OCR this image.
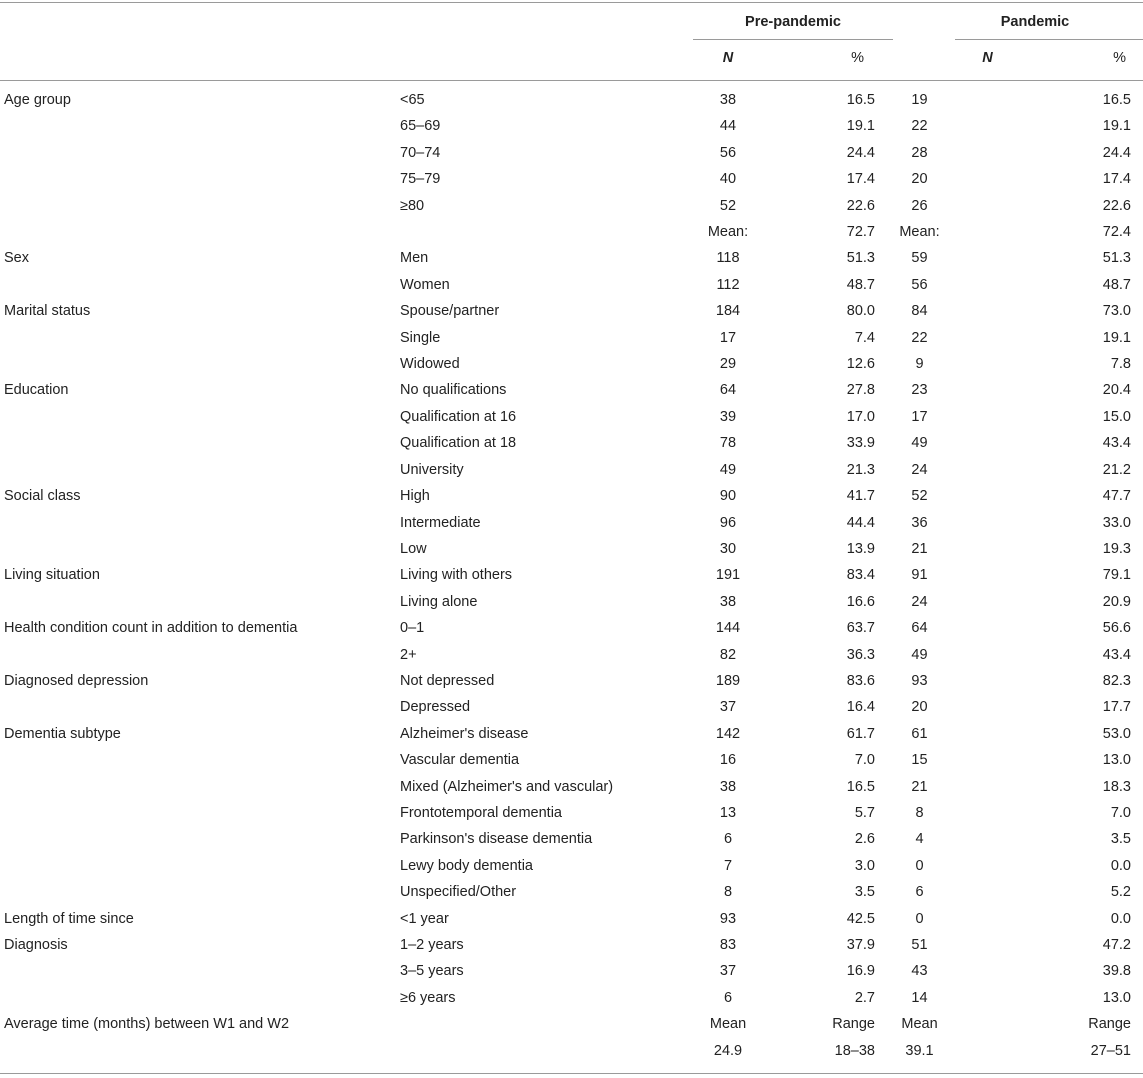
Pre-pandemic	Pandemic
N	%	N	%
Age group	<65	38	16.5	19	16.5
	65–69	44	19.1	22	19.1
	70–74	56	24.4	28	24.4
	75–79	40	17.4	20	17.4
	≥80	52	22.6	26	22.6
		Mean:	72.7	Mean:	72.4
Sex	Men	118	51.3	59	51.3
	Women	112	48.7	56	48.7
Marital status	Spouse/partner	184	80.0	84	73.0
	Single	17	7.4	22	19.1
	Widowed	29	12.6	9	7.8
Education	No qualifications	64	27.8	23	20.4
	Qualification at 16	39	17.0	17	15.0
	Qualification at 18	78	33.9	49	43.4
	University	49	21.3	24	21.2
Social class	High	90	41.7	52	47.7
	Intermediate	96	44.4	36	33.0
	Low	30	13.9	21	19.3
Living situation	Living with others	191	83.4	91	79.1
	Living alone	38	16.6	24	20.9
Health condition count in addition to dementia	0–1	144	63.7	64	56.6
	2+	82	36.3	49	43.4
Diagnosed depression	Not depressed	189	83.6	93	82.3
	Depressed	37	16.4	20	17.7
Dementia subtype	Alzheimer's disease	142	61.7	61	53.0
	Vascular dementia	16	7.0	15	13.0
	Mixed (Alzheimer's and vascular)	38	16.5	21	18.3
	Frontotemporal dementia	13	5.7	8	7.0
	Parkinson's disease dementia	6	2.6	4	3.5
	Lewy body dementia	7	3.0	0	0.0
	Unspecified/Other	8	3.5	6	5.2
Length of time since	<1 year	93	42.5	0	0.0
Diagnosis	1–2 years	83	37.9	51	47.2
	3–5 years	37	16.9	43	39.8
	≥6 years	6	2.7	14	13.0
Average time (months) between W1 and W2		Mean	Range	Mean	Range
		24.9	18–38	39.1	27–51
